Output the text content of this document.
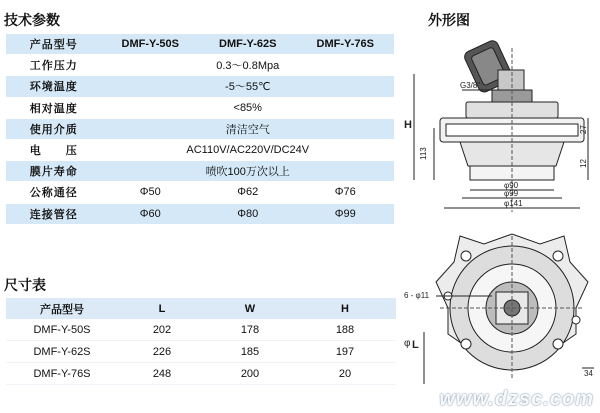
技术参数
产品型号	DMF-Y-50S	DMF-Y-62S	DMF-Y-76S
工作压力	0.3～0.8Mpa		
环境温度	-5～55℃		
相对温度	<85%		
使用介质	清洁空气		
电　　压	AC110V/AC220V/DC24V		
膜片寿命	喷吹100万次以上		
公称通径	Φ50	Φ62	Φ76
连接管径	Φ60	Φ80	Φ99
尺寸表
产品型号	L	W	H
DMF-Y-50S	202	178	188
DMF-Y-62S	226	185	197
DMF-Y-76S	248	200	20
外形图
G3/8"
H
113
27
12
φ90
φ99
φ141
6 - φ11
φ L
34
www.dzsc.com
